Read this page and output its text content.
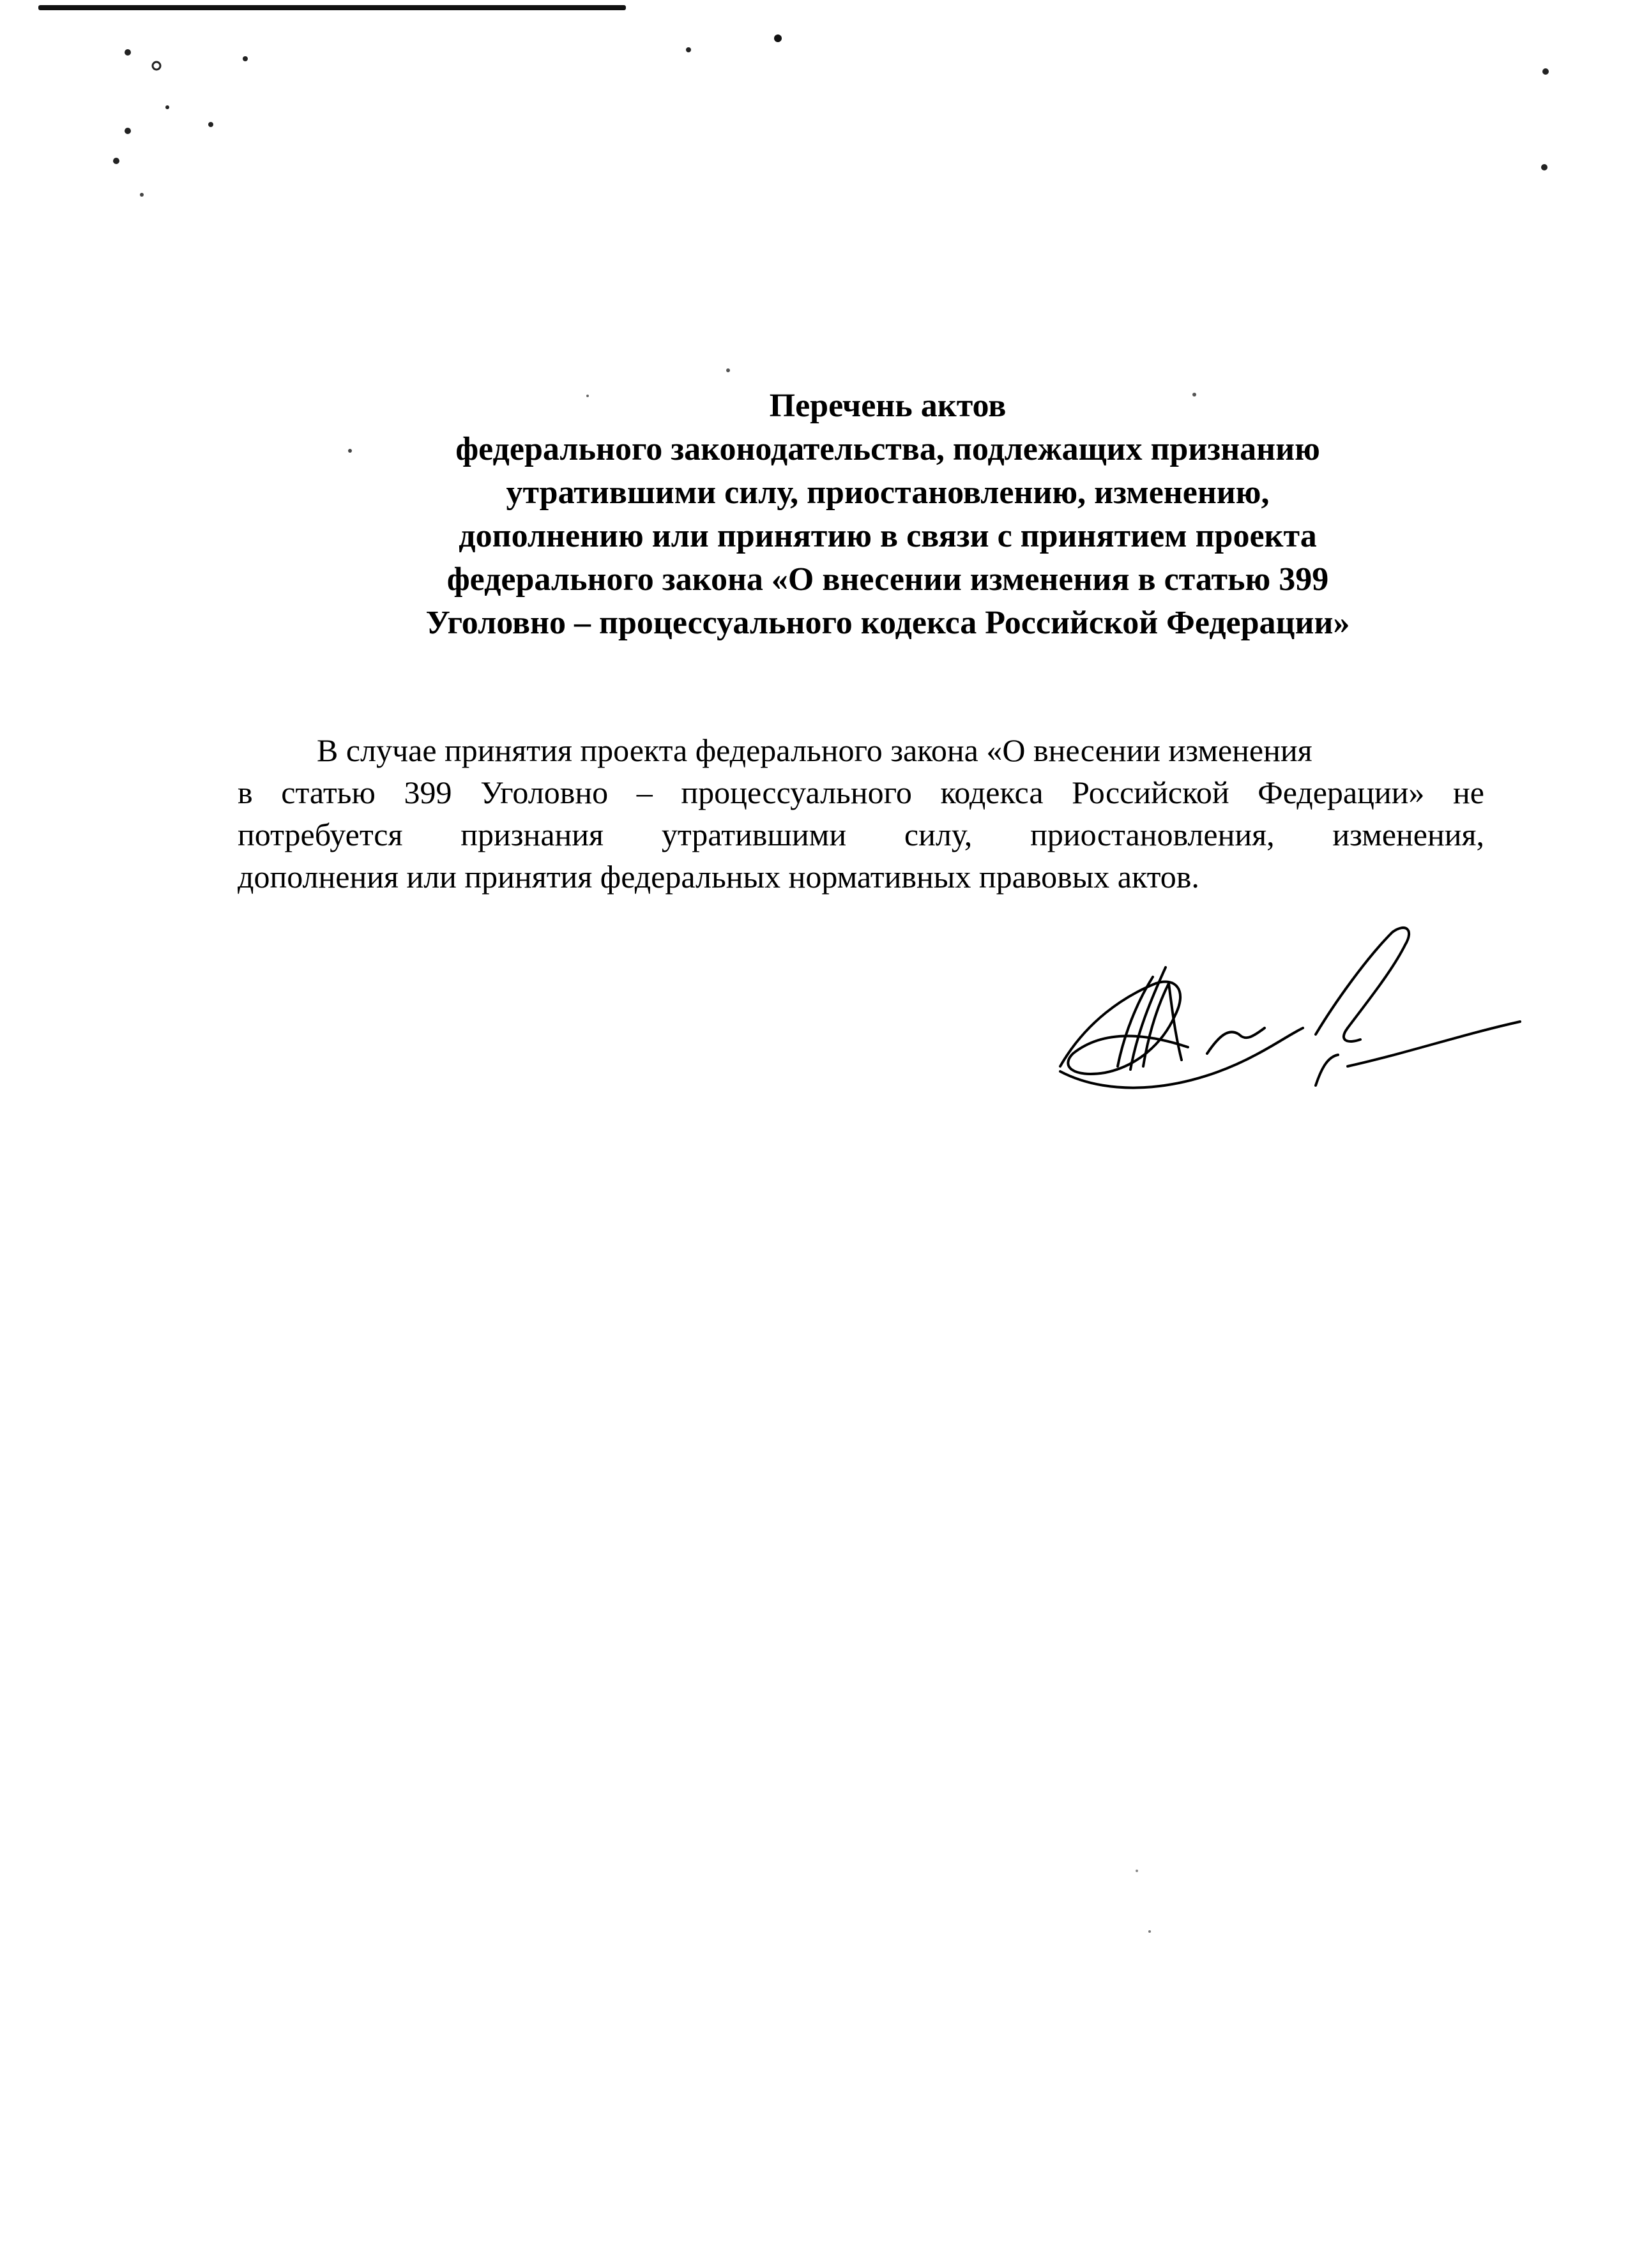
Перечень актов
федерального законодательства, подлежащих признанию
утратившими силу, приостановлению, изменению,
дополнению или принятию в связи с принятием проекта
федерального закона «О внесении изменения в статью 399
Уголовно – процессуального кодекса Российской Федерации»
В случае принятия проекта федерального закона «О внесении изменения
в статью 399 Уголовно – процессуального кодекса Российской Федерации» не
потребуется признания утратившими силу, приостановления, изменения,
дополнения или принятия федеральных нормативных правовых актов.
